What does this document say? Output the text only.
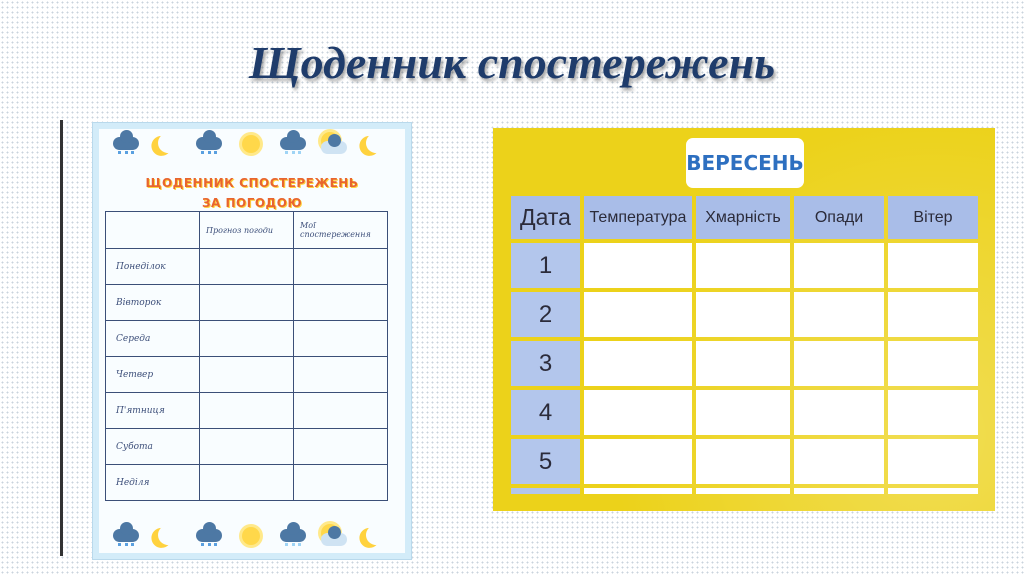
Щоденник спостережень
ЩОДЕННИК СПОСТЕРЕЖЕНЬ
ЗА ПОГОДОЮ

	Прогноз погоди	Мої спостереження

Понеділок		

Вівторок		

Середа		

Четвер		

П'ятниця		

Субота		

Неділя		

ВЕРЕСЕНЬ
Дата	Температура	Хмарність	Опади	Вітер
1				
2				
3				
4				
5				
